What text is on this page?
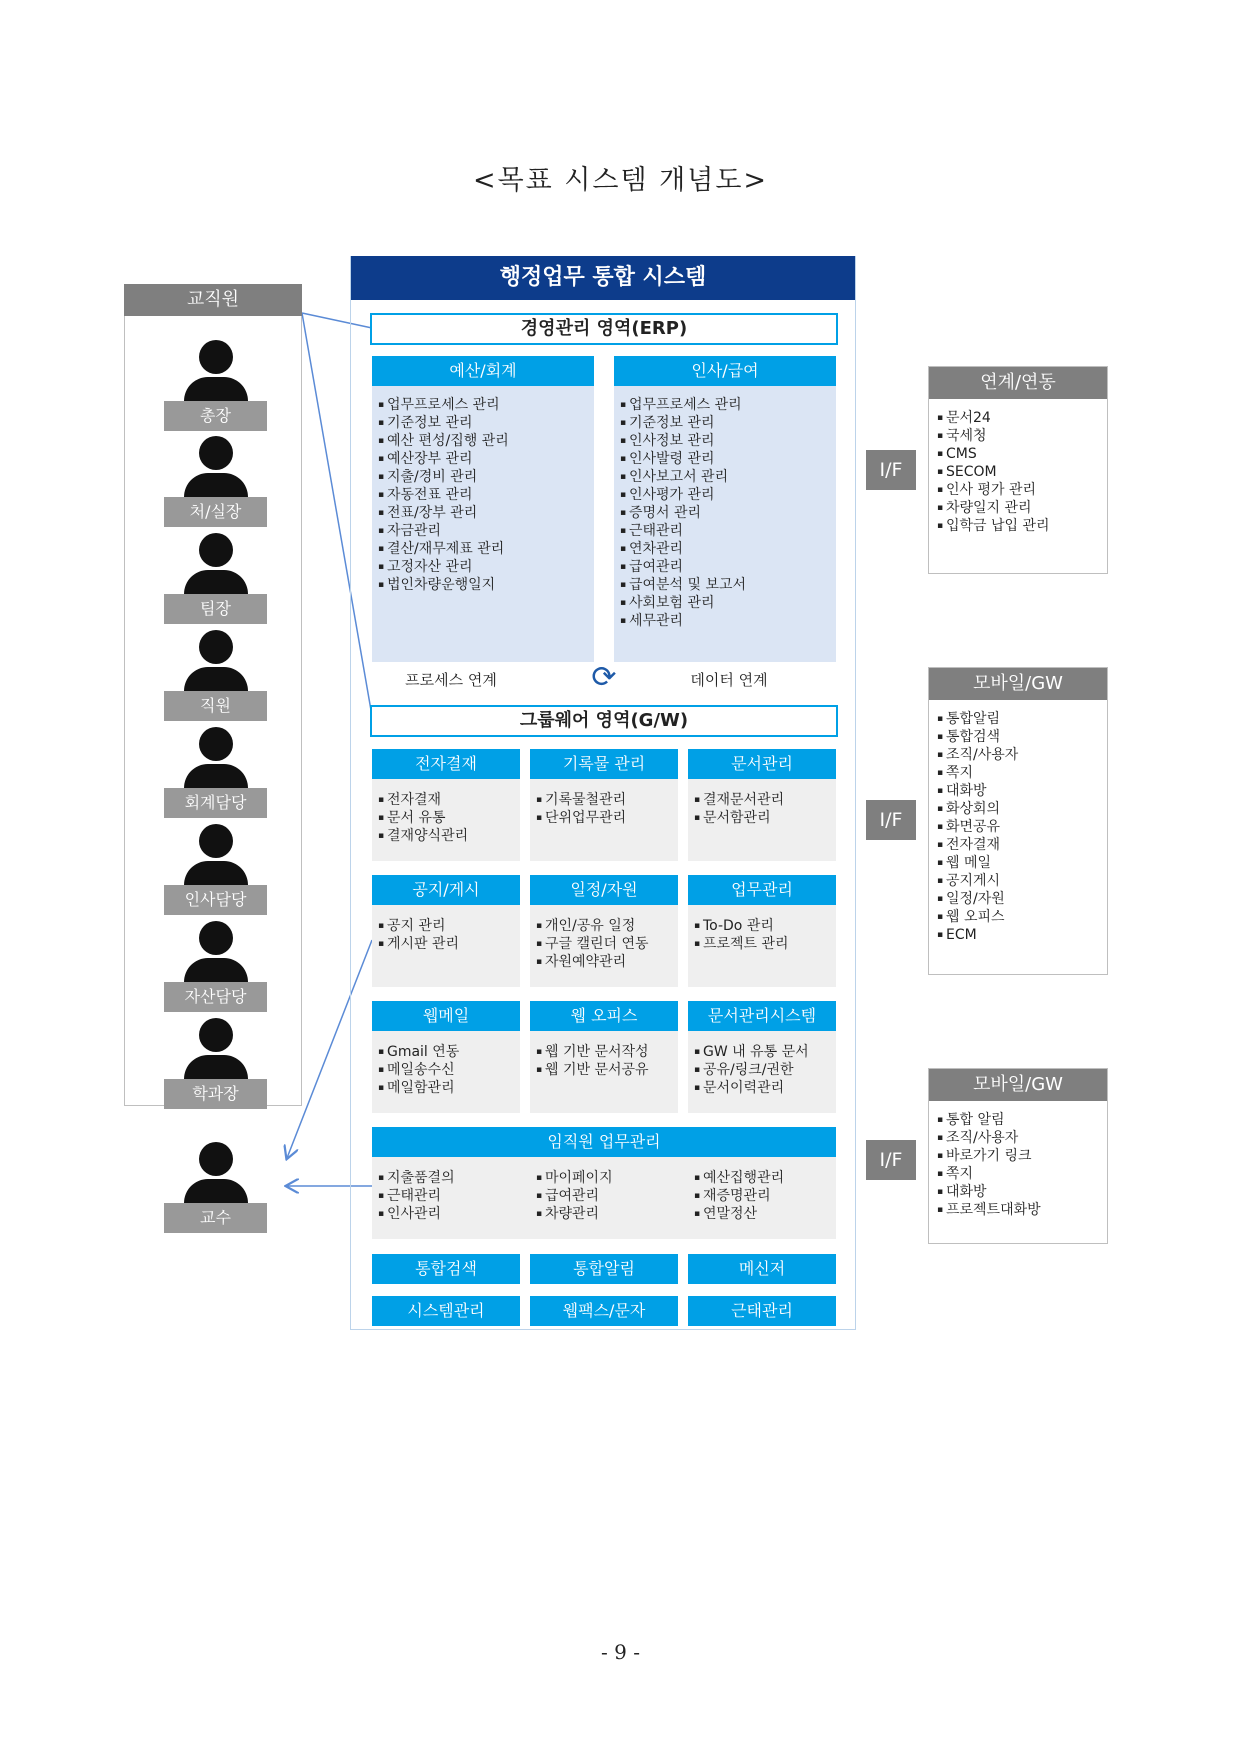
<목표 시스템 개념도>
교직원
총장
처/실장
팀장
직원
회계담당
인사담당
자산담당
학과장
교수
행정업무 통합 시스템
경영관리 영역(ERP)
예산/회계
▪ 업무프로세스 관리
▪ 기준정보 관리
▪ 예산 편성/집행 관리
▪ 예산장부 관리
▪ 지출/경비 관리
▪ 자동전표 관리
▪ 전표/장부 관리
▪ 자금관리
▪ 결산/재무제표 관리
▪ 고정자산 관리
▪ 법인차량운행일지
인사/급여
▪ 업무프로세스 관리
▪ 기준정보 관리
▪ 인사정보 관리
▪ 인사발령 관리
▪ 인사보고서 관리
▪ 인사평가 관리
▪ 증명서 관리
▪ 근태관리
▪ 연차관리
▪ 급여관리
▪ 급여분석 및 보고서
▪ 사회보험 관리
▪ 세무관리
프로세스 연계	⟳	데이터 연계
그룹웨어 영역(G/W)
전자결재
▪ 전자결재
▪ 문서 유통
▪ 결재양식관리
기록물 관리
▪ 기록물철관리
▪ 단위업무관리
문서관리
▪ 결재문서관리
▪ 문서함관리
공지/게시
▪ 공지 관리
▪ 게시판 관리
일정/자원
▪ 개인/공유 일정
▪ 구글 캘린더 연동
▪ 자원예약관리
업무관리
▪ To-Do 관리
▪ 프로젝트 관리
웹메일
▪ Gmail 연동
▪ 메일송수신
▪ 메일함관리
웹 오피스
▪ 웹 기반 문서작성
▪ 웹 기반 문서공유
문서관리시스템
▪ GW 내 유통 문서
▪ 공유/링크/권한
▪ 문서이력관리
임직원 업무관리
▪ 지출품결의
▪ 근태관리
▪ 인사관리
▪ 마이페이지
▪ 급여관리
▪ 차량관리
▪ 예산집행관리
▪ 재증명관리
▪ 연말정산
통합검색	통합알림	메신저
시스템관리	웹팩스/문자	근태관리
I/F
연계/연동
▪ 문서24
▪ 국세청
▪ CMS
▪ SECOM
▪ 인사 평가 관리
▪ 차량일지 관리
▪ 입학금 납입 관리
I/F
모바일/GW
▪ 통합알림
▪ 통합검색
▪ 조직/사용자
▪ 쪽지
▪ 대화방
▪ 화상회의
▪ 화면공유
▪ 전자결재
▪ 웹 메일
▪ 공지게시
▪ 일정/자원
▪ 웹 오피스
▪ ECM
I/F
모바일/GW
▪ 통합 알림
▪ 조직/사용자
▪ 바로가기 링크
▪ 쪽지
▪ 대화방
▪ 프로젝트대화방
- 9 -
